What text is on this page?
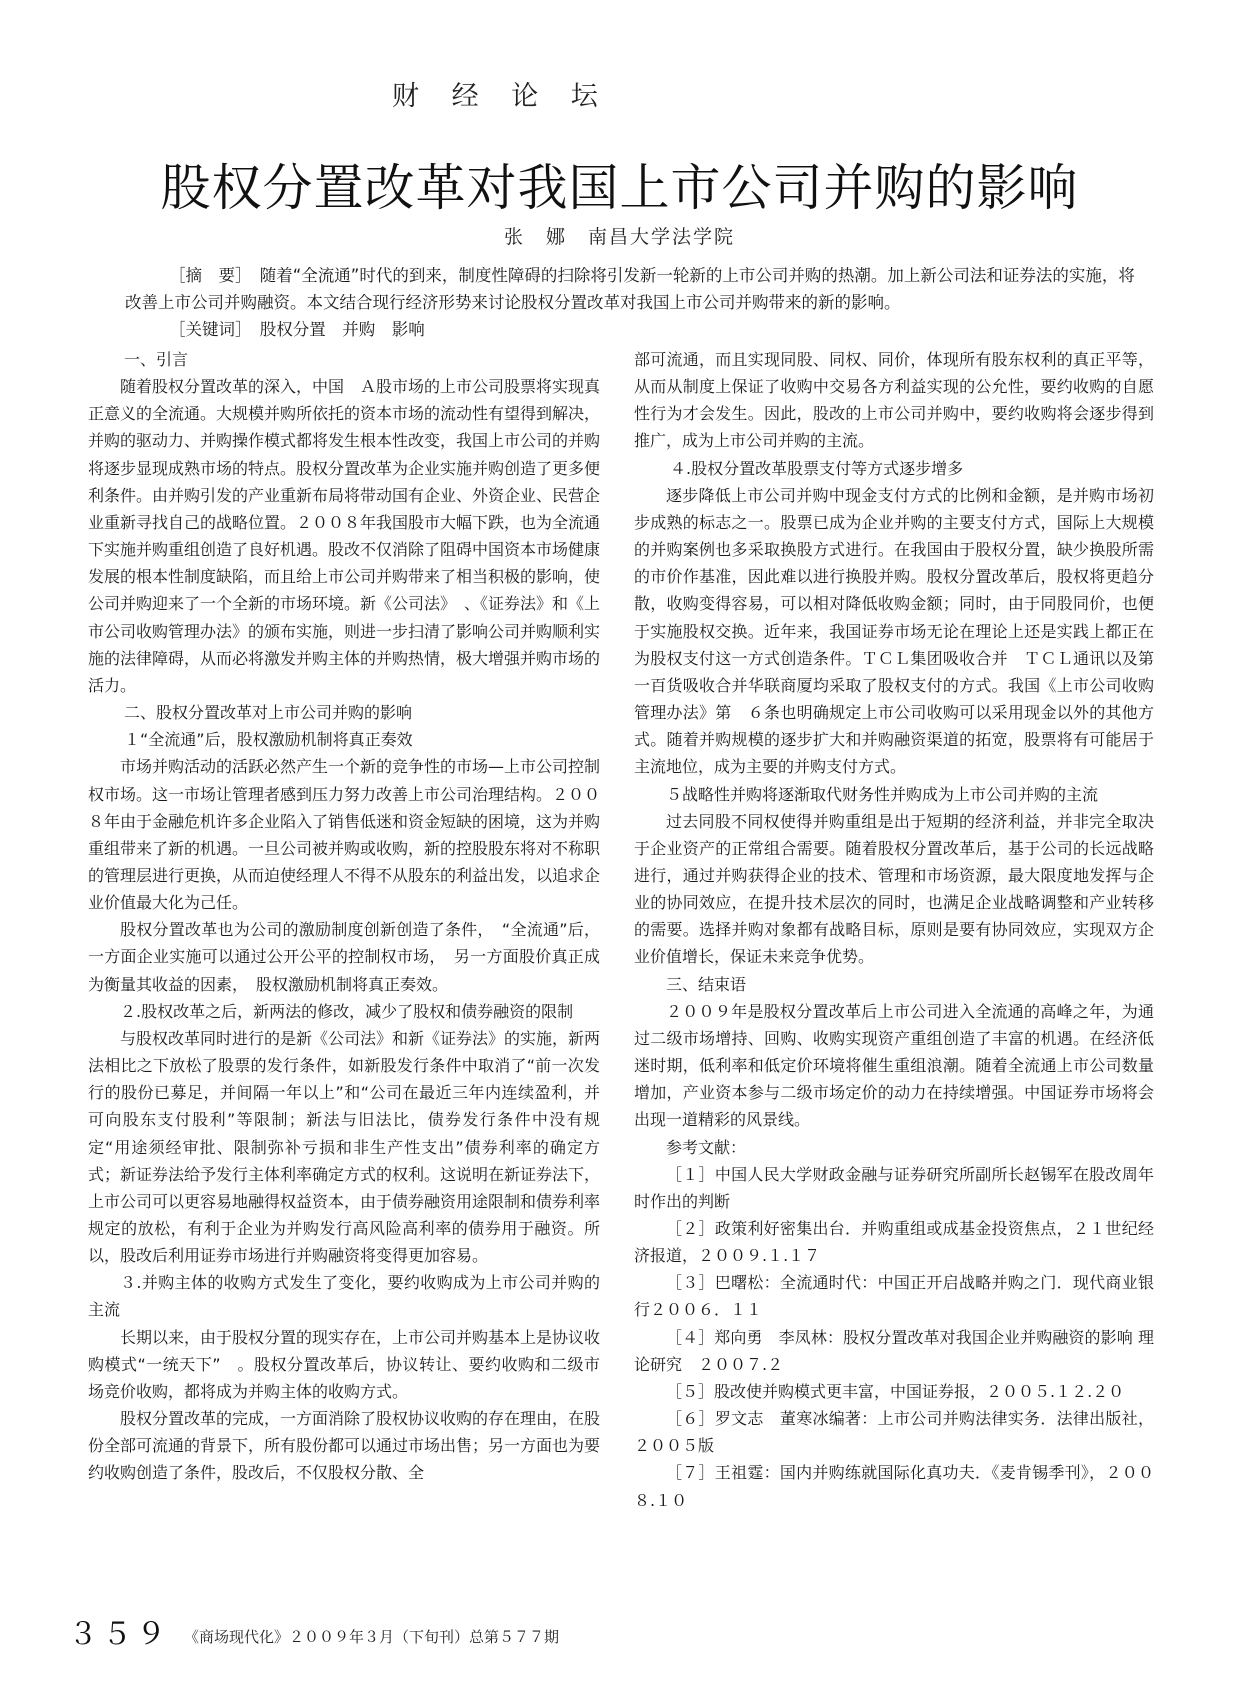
财 经 论 坛
股权分置改革对我国上市公司并购的影响
张　娜　南昌大学法学院

［摘　要］　随着“全流通”时代的到来，制度性障碍的扫除将引发新一轮新的上市公司并购的热潮。加上新公司法和证券法的实施，将改善上市公司并购融资。本文结合现行经济形势来讨论股权分置改革对我国上市公司并购带来的新的影响。

［关键词］　股权分置　并购　影响

一、引言

随着股权分置改革的深入，中国　Ａ股市场的上市公司股票将实现真正意义的全流通。大规模并购所依托的资本市场的流动性有望得到解决，并购的驱动力、并购操作模式都将发生根本性改变，我国上市公司的并购将逐步显现成熟市场的特点。股权分置改革为企业实施并购创造了更多便利条件。由并购引发的产业重新布局将带动国有企业、外资企业、民营企业重新寻找自己的战略位置。２００８年我国股市大幅下跌，也为全流通下实施并购重组创造了良好机遇。股改不仅消除了阻碍中国资本市场健康发展的根本性制度缺陷，而且给上市公司并购带来了相当积极的影响，使公司并购迎来了一个全新的市场环境。新《公司法》　、《证券法》和《上市公司收购管理办法》的颁布实施，则进一步扫清了影响公司并购顺利实施的法律障碍，从而必将激发并购主体的并购热情，极大增强并购市场的活力。

二、股权分置改革对上市公司并购的影响

１“全流通”后，股权激励机制将真正奏效

市场并购活动的活跃必然产生一个新的竞争性的市场—上市公司控制权市场。这一市场让管理者感到压力努力改善上市公司治理结构。２００８年由于金融危机许多企业陷入了销售低迷和资金短缺的困境，这为并购重组带来了新的机遇。一旦公司被并购或收购，新的控股股东将对不称职的管理层进行更换，从而迫使经理人不得不从股东的利益出发，以追求企业价值最大化为己任。

股权分置改革也为公司的激励制度创新创造了条件，　“全流通”后，一方面企业实施可以通过公开公平的控制权市场，　另一方面股价真正成为衡量其收益的因素，　股权激励机制将真正奏效。

２.股权改革之后，新两法的修改，减少了股权和债券融资的限制

与股权改革同时进行的是新《公司法》和新《证券法》的实施，新两法相比之下放松了股票的发行条件，如新股发行条件中取消了“前一次发行的股份已募足，并间隔一年以上”和“公司在最近三年内连续盈利，并可向股东支付股利”等限制；新法与旧法比，债券发行条件中没有规定“用途须经审批、限制弥补亏损和非生产性支出”债券利率的确定方式；新证券法给予发行主体利率确定方式的权利。这说明在新证券法下，上市公司可以更容易地融得权益资本，由于债券融资用途限制和债券利率规定的放松，有利于企业为并购发行高风险高利率的债券用于融资。所以，股改后利用证券市场进行并购融资将变得更加容易。

３.并购主体的收购方式发生了变化，要约收购成为上市公司并购的主流

长期以来，由于股权分置的现实存在，上市公司并购基本上是协议收购模式“一统天下”　。股权分置改革后，协议转让、要约收购和二级市场竞价收购，都将成为并购主体的收购方式。

股权分置改革的完成，一方面消除了股权协议收购的存在理由，在股份全部可流通的背景下，所有股份都可以通过市场出售；另一方面也为要约收购创造了条件，股改后，不仅股权分散、全

部可流通，而且实现同股、同权、同价，体现所有股东权利的真正平等，从而从制度上保证了收购中交易各方利益实现的公允性，要约收购的自愿性行为才会发生。因此，股改的上市公司并购中，要约收购将会逐步得到推广，成为上市公司并购的主流。

４.股权分置改革股票支付等方式逐步增多

逐步降低上市公司并购中现金支付方式的比例和金额，是并购市场初步成熟的标志之一。股票已成为企业并购的主要支付方式，国际上大规模的并购案例也多采取换股方式进行。在我国由于股权分置，缺少换股所需的市价作基准，因此难以进行换股并购。股权分置改革后，股权将更趋分散，收购变得容易，可以相对降低收购金额；同时，由于同股同价，也便于实施股权交换。近年来，我国证券市场无论在理论上还是实践上都正在为股权支付这一方式创造条件。ＴＣＬ集团吸收合并　ＴＣＬ通讯以及第一百货吸收合并华联商厦均采取了股权支付的方式。我国《上市公司收购管理办法》第　６条也明确规定上市公司收购可以采用现金以外的其他方式。随着并购规模的逐步扩大和并购融资渠道的拓宽，股票将有可能居于主流地位，成为主要的并购支付方式。

５战略性并购将逐渐取代财务性并购成为上市公司并购的主流

过去同股不同权使得并购重组是出于短期的经济利益，并非完全取决于企业资产的正常组合需要。随着股权分置改革后，基于公司的长远战略进行，通过并购获得企业的技术、管理和市场资源，最大限度地发挥与企业的协同效应，在提升技术层次的同时，也满足企业战略调整和产业转移的需要。选择并购对象都有战略目标，原则是要有协同效应，实现双方企业价值增长，保证未来竞争优势。

三、结束语

２００９年是股权分置改革后上市公司进入全流通的高峰之年，为通过二级市场增持、回购、收购实现资产重组创造了丰富的机遇。在经济低迷时期，低利率和低定价环境将催生重组浪潮。随着全流通上市公司数量增加，产业资本参与二级市场定价的动力在持续增强。中国证券市场将会出现一道精彩的风景线。

参考文献：

［１］中国人民大学财政金融与证券研究所副所长赵锡军在股改周年时作出的判断

［２］政策利好密集出台．并购重组或成基金投资焦点，２１世纪经济报道，２００９.１.１７

［３］巴曙松：全流通时代：中国正开启战略并购之门．现代商业银行２００６．１１

［４］郑向勇　李凤林：股权分置改革对我国企业并购融资的影响 理论研究　２００７.２

［５］股改使并购模式更丰富，中国证券报，２００５.１２.２０

［６］罗文志　董寒冰编著：上市公司并购法律实务．法律出版社，２００５版

［７］王祖霆：国内并购练就国际化真功夫．《麦肯锡季刊》，２００８.１０

３５９ 《商场现代化》２００９年３月（下旬刊）总第５７７期
